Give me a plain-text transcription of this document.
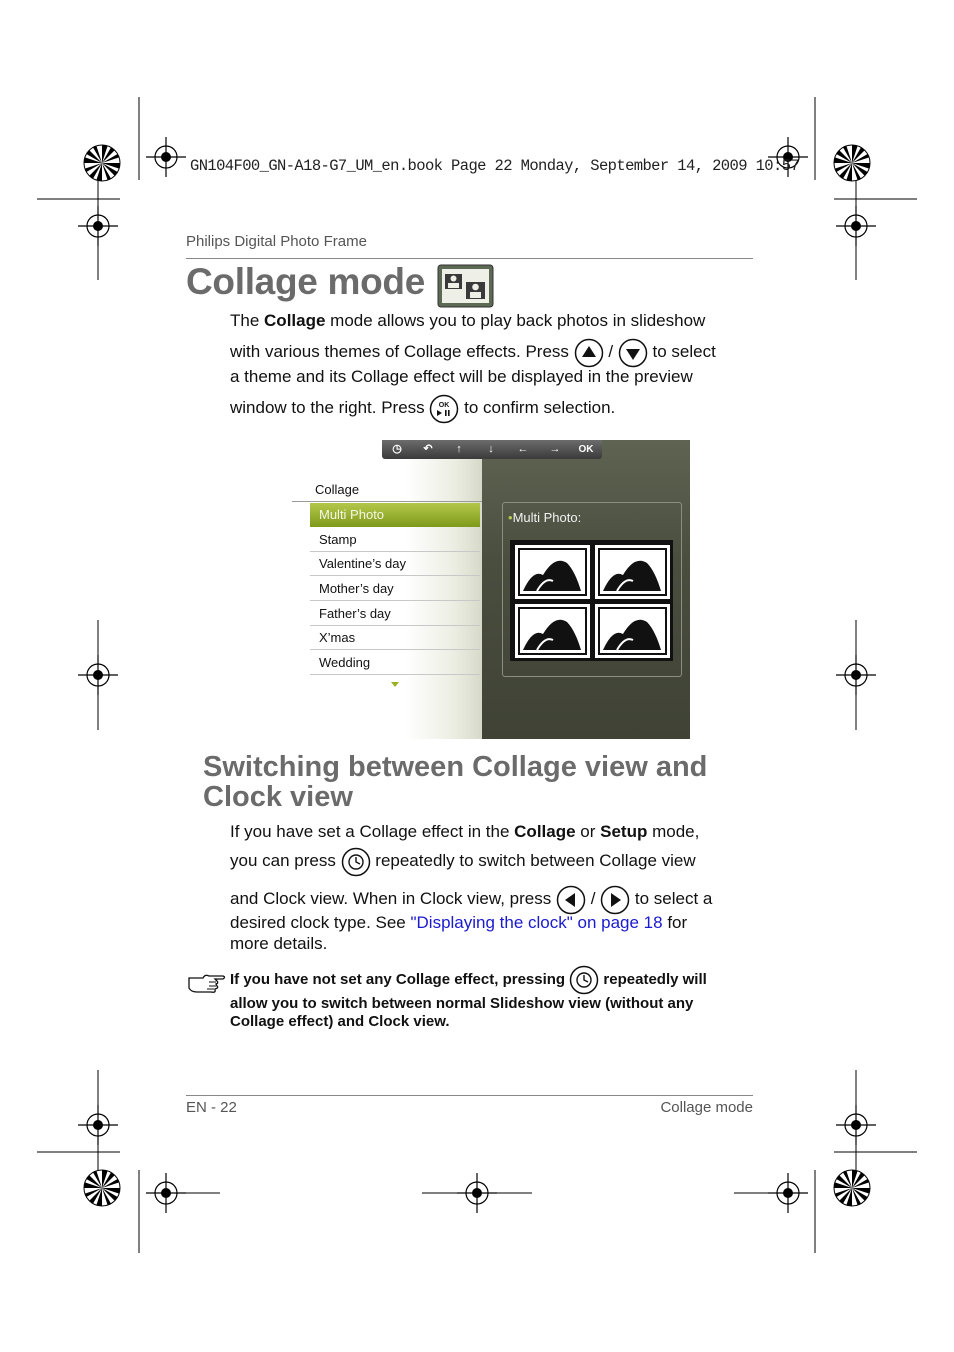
GN104F00_GN-A18-G7_UM_en.book Page 22 Monday, September 14, 2009 10:57
Philips Digital Photo Frame
Collage mode
The Collage mode allows you to play back photos in slideshow
with various themes of Collage effects. Press  /  to select
a theme and its Collage effect will be displayed in the preview
window to the right. Press OK to confirm selection.
◷	↶	↑	↓	←	→	OK
Collage
Multi Photo
Stamp
Valentine’s day
Mother’s day
Father’s day
X’mas
Wedding
•Multi Photo:
Switching between Collage view and
Clock view
If you have set a Collage effect in the Collage or Setup mode,
you can press  repeatedly to switch between Collage view
and Clock view. When in Clock view, press  /  to select a
desired clock type. See "Displaying the clock" on page 18 for
more details.
If you have not set any Collage effect, pressing  repeatedly will
allow you to switch between normal Slideshow view (without any
Collage effect) and Clock view.
EN - 22	Collage mode
